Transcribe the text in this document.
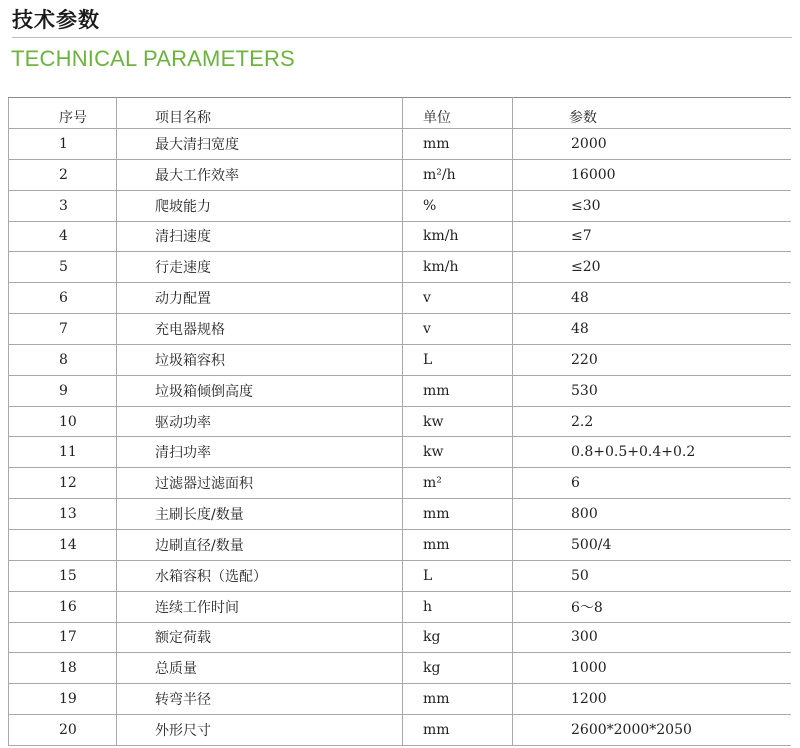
技术参数
TECHNICAL PARAMETERS
序号	项目名称	单位	参数
1	最大清扫宽度	mm	2000
2	最大工作效率	m²/h	16000
3	爬坡能力	%	≤30
4	清扫速度	km/h	≤7
5	行走速度	km/h	≤20
6	动力配置	v	48
7	充电器规格	v	48
8	垃圾箱容积	L	220
9	垃圾箱倾倒高度	mm	530
10	驱动功率	kw	2.2
11	清扫功率	kw	0.8+0.5+0.4+0.2
12	过滤器过滤面积	m²	6
13	主刷长度/数量	mm	800
14	边刷直径/数量	mm	500/4
15	水箱容积（选配）	L	50
16	连续工作时间	h	6～8
17	额定荷载	kg	300
18	总质量	kg	1000
19	转弯半径	mm	1200
20	外形尺寸	mm	2600*2000*2050
